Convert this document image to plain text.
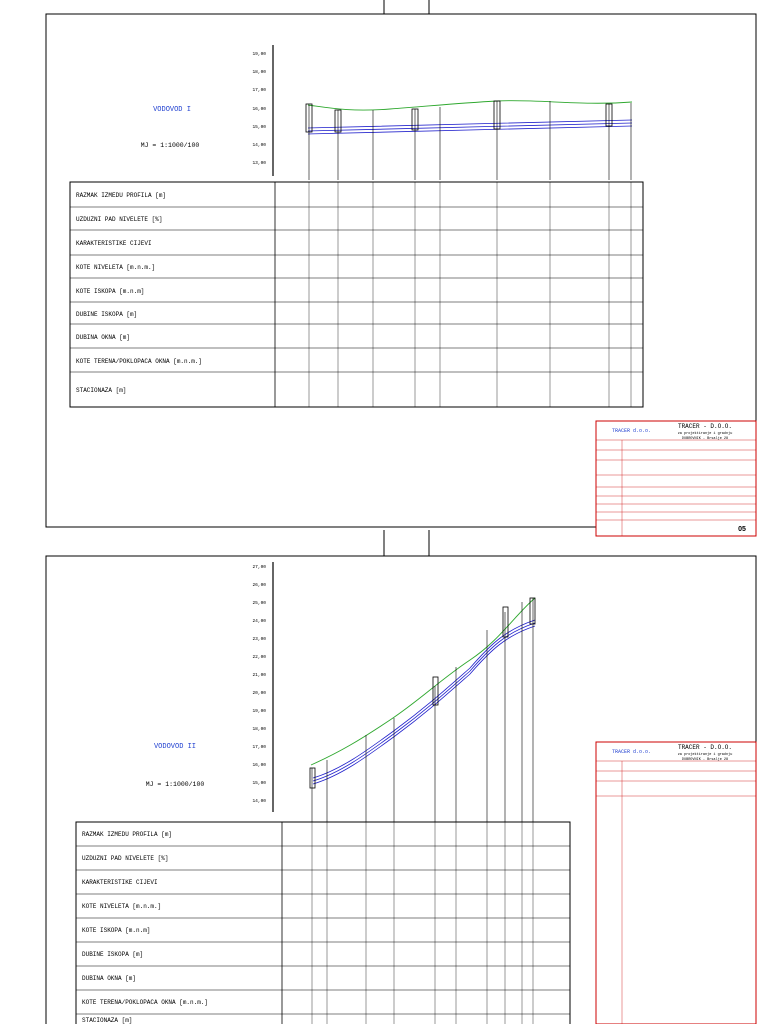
VODOVOD I
MJ = 1:1000/100
19,00
18,00
17,00
16,00
15,00
14,00
13,00
RAZMAK IZMEDU PROFILA [m]
UZDUZNI PAD NIVELETE [%]
KARAKTERISTIKE CIJEVI
KOTE NIVELETA [m.n.m.]
KOTE ISKOPA [m.n.m]
DUBINE ISKOPA [m]
DUBINA OKNA [m]
KOTE TERENA/POKLOPACA OKNA [m.n.m.]
STACIONAZA [m]
TRACER d.o.o.
TRACER - D.O.O.
za projektiranje i gradnju
DUBROVNIK - Brsalje 28
05
VODOVOD II
MJ = 1:1000/100
27,00
26,00
25,00
24,00
23,00
22,00
21,00
20,00
19,00
18,00
17,00
16,00
15,00
14,00
RAZMAK IZMEDU PROFILA [m]
UZDUZNI PAD NIVELETE [%]
KARAKTERISTIKE CIJEVI
KOTE NIVELETA [m.n.m.]
KOTE ISKOPA [m.n.m]
DUBINE ISKOPA [m]
DUBINA OKNA [m]
KOTE TERENA/POKLOPACA OKNA [m.n.m.]
STACIONAZA [m]
TRACER d.o.o.
TRACER - D.O.O.
za projektiranje i gradnju
DUBROVNIK - Brsalje 28
